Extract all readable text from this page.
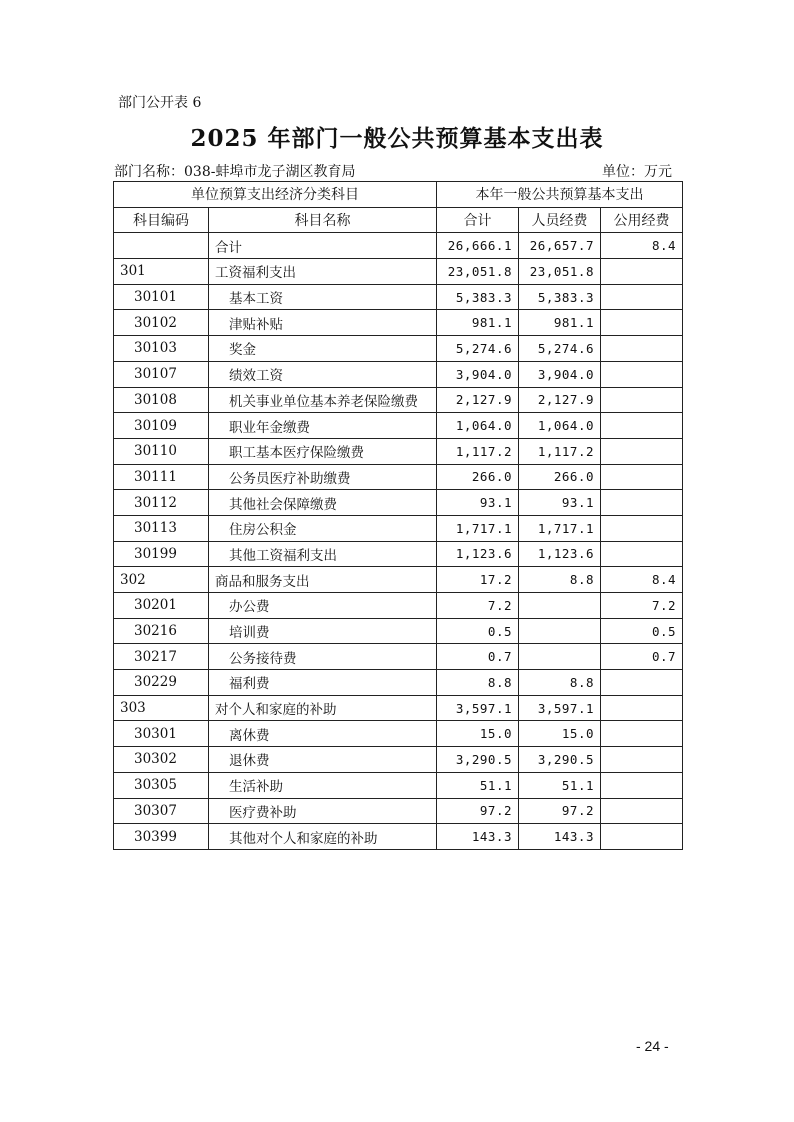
部门公开表 6
2025 年部门一般公共预算基本支出表
部门名称：038-蚌埠市龙子湖区教育局	单位：万元
单位预算支出经济分类科目		本年一般公共预算基本支出		
科目编码	科目名称	合计	人员经费	公用经费
	合计	26,666.1	26,657.7	8.4
301	工资福利支出	23,051.8	23,051.8	
30101	基本工资	5,383.3	5,383.3	
30102	津贴补贴	981.1	981.1	
30103	奖金	5,274.6	5,274.6	
30107	绩效工资	3,904.0	3,904.0	
30108	机关事业单位基本养老保险缴费	2,127.9	2,127.9	
30109	职业年金缴费	1,064.0	1,064.0	
30110	职工基本医疗保险缴费	1,117.2	1,117.2	
30111	公务员医疗补助缴费	266.0	266.0	
30112	其他社会保障缴费	93.1	93.1	
30113	住房公积金	1,717.1	1,717.1	
30199	其他工资福利支出	1,123.6	1,123.6	
302	商品和服务支出	17.2	8.8	8.4
30201	办公费	7.2		7.2
30216	培训费	0.5		0.5
30217	公务接待费	0.7		0.7
30229	福利费	8.8	8.8	
303	对个人和家庭的补助	3,597.1	3,597.1	
30301	离休费	15.0	15.0	
30302	退休费	3,290.5	3,290.5	
30305	生活补助	51.1	51.1	
30307	医疗费补助	97.2	97.2	
30399	其他对个人和家庭的补助	143.3	143.3	
- 24 -
